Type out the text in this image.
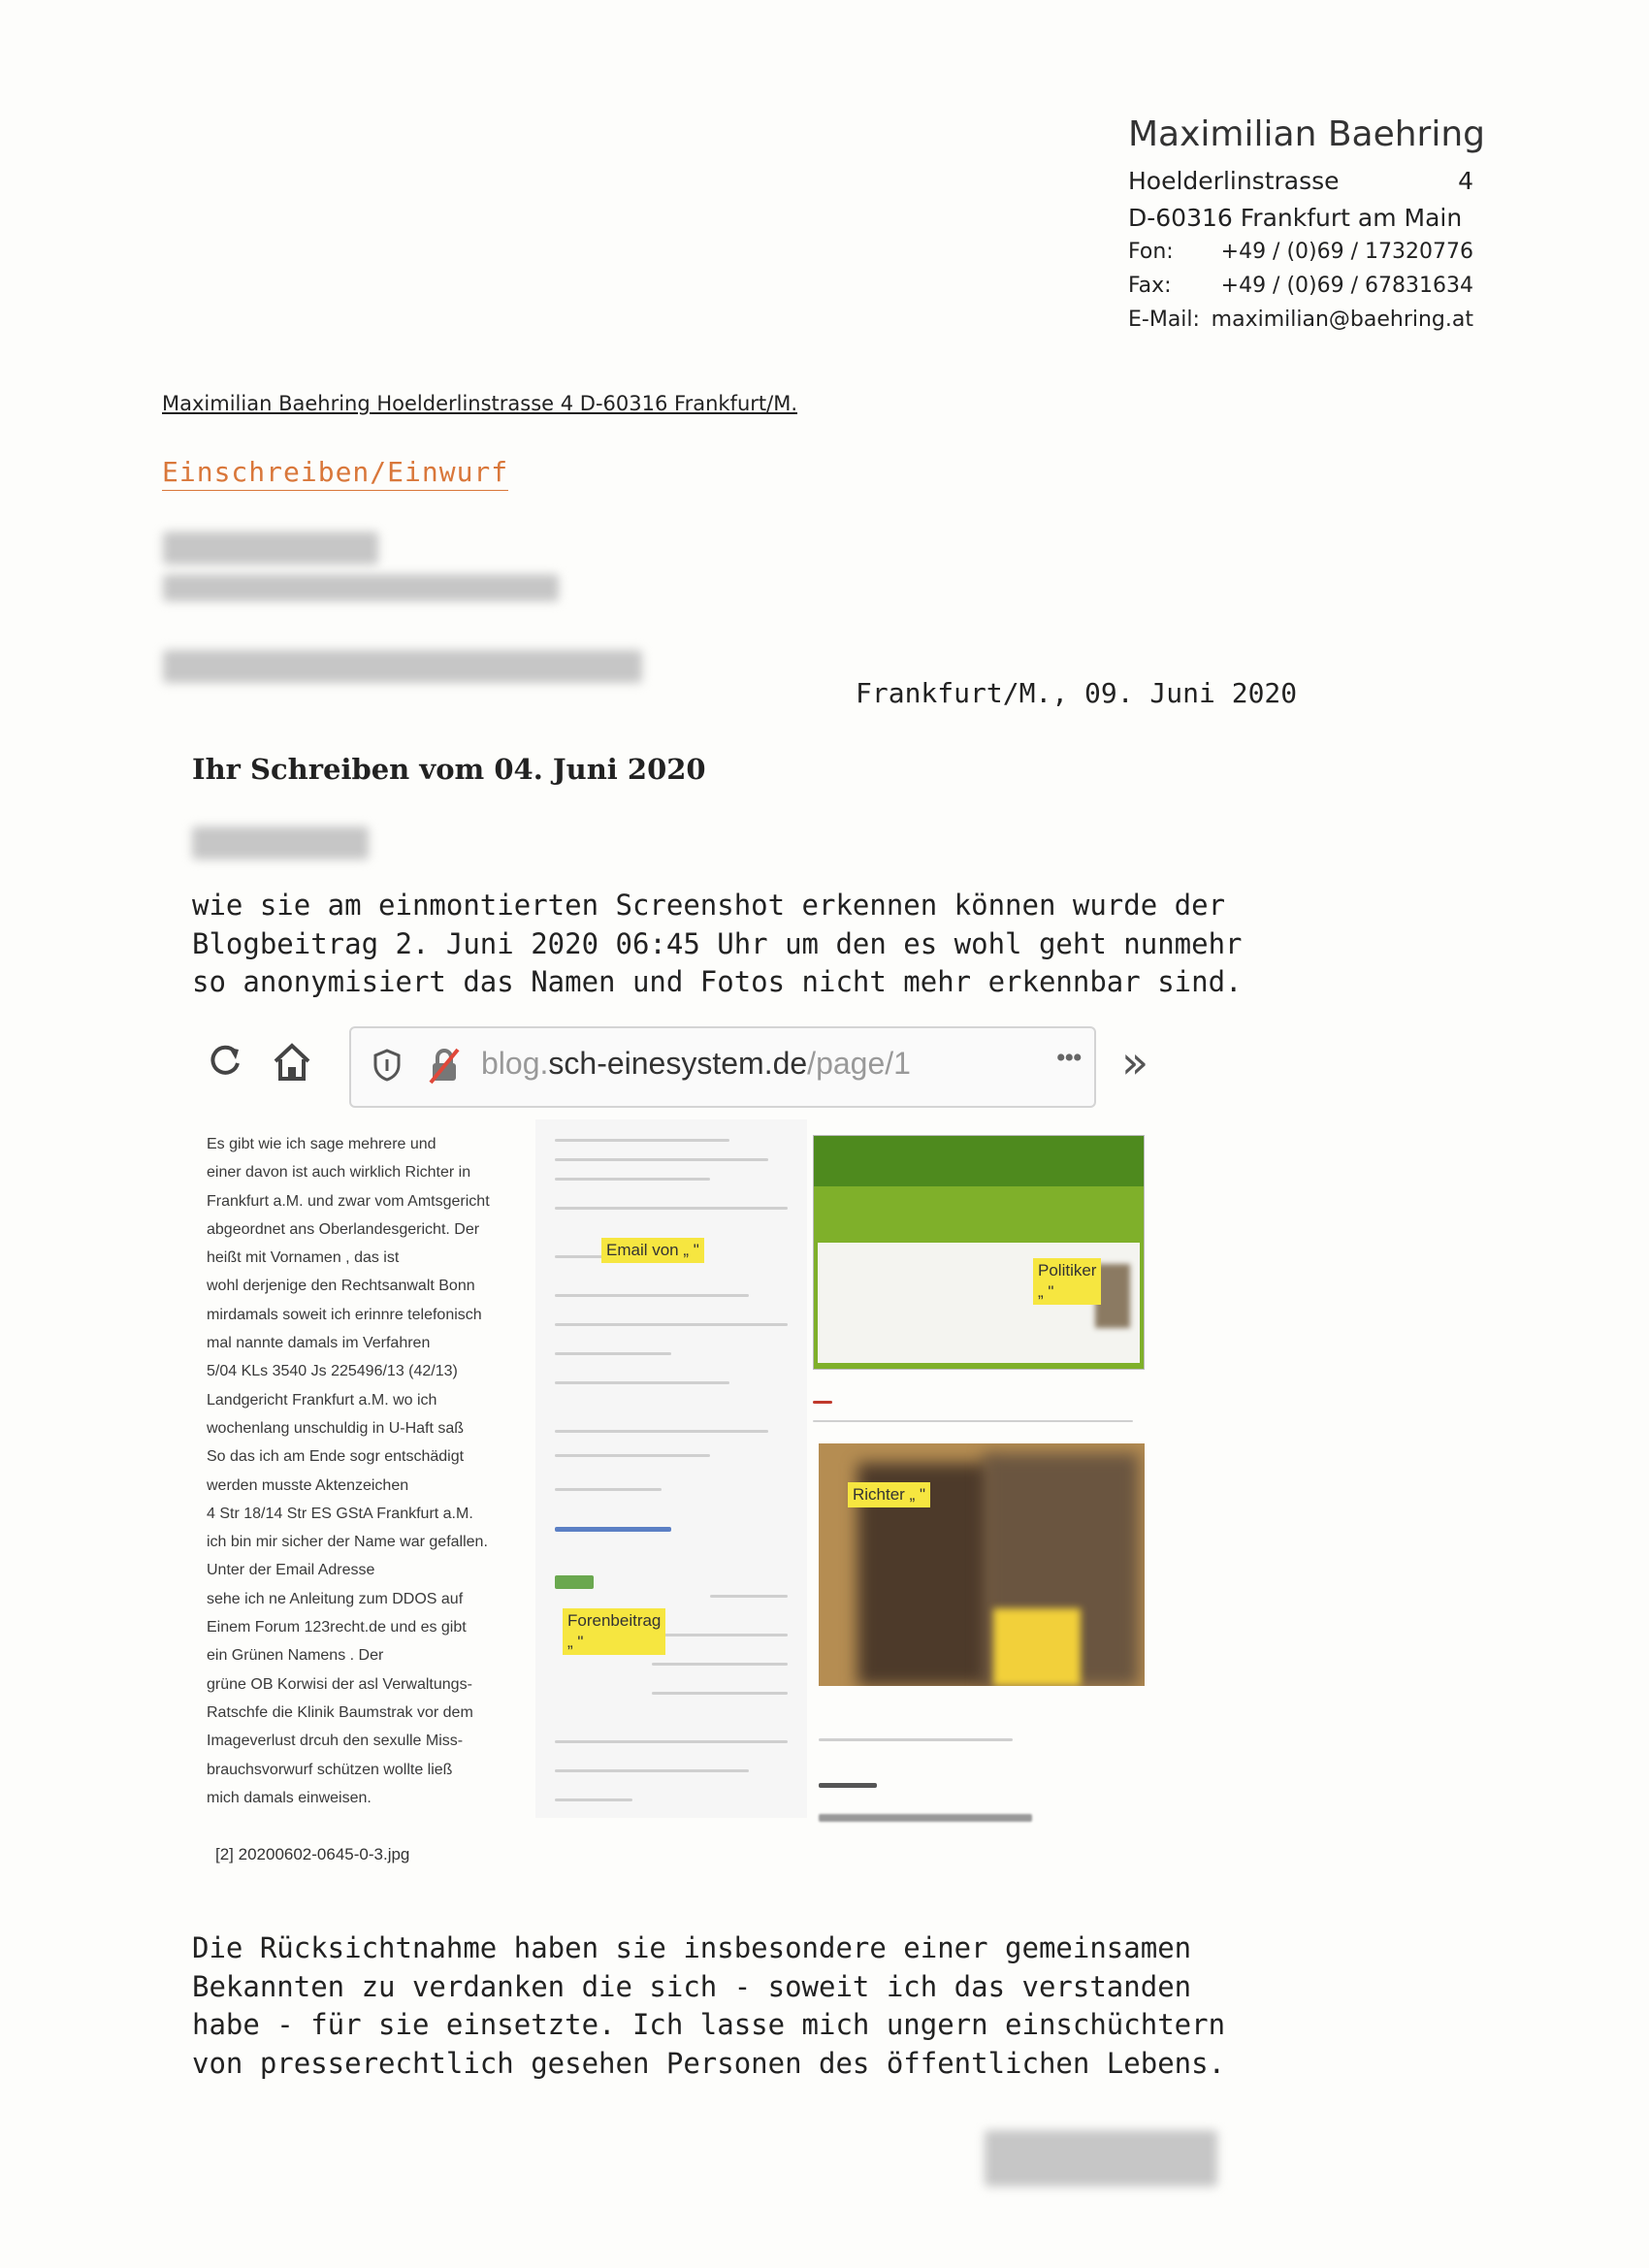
Maximilian Baehring
Hoelderlinstrasse	4
D-60316 Frankfurt am Main
Fon:	+49 / (0)69 / 17320776
Fax:	+49 / (0)69 / 67831634
E-Mail: maximilian@baehring.at
Maximilian Baehring Hoelderlinstrasse 4 D-60316 Frankfurt/M.
Einschreiben/Einwurf
Frankfurt/M., 09. Juni 2020
Ihr Schreiben vom 04. Juni 2020

wie sie am einmontierten Screenshot erkennen können wurde der
Blogbeitrag 2. Juni 2020 06:45 Uhr um den es wohl geht nunmehr
so anonymisiert das Namen und Fotos nicht mehr erkennbar sind.

blog.sch-einesystem.de/page/1	••• »

Es gibt wie ich sage mehrere und
einer davon ist auch wirklich Richter in
Frankfurt a.M. und zwar vom Amtsgericht
abgeordnet ans Oberlandesgericht. Der
heißt mit Vornamen , das ist
wohl derjenige den Rechtsanwalt Bonn
mirdamals soweit ich erinnre telefonisch
mal nannte damals im Verfahren
5/04 KLs 3540 Js 225496/13 (42/13)
Landgericht Frankfurt a.M. wo ich
wochenlang unschuldig in U-Haft saß
So das ich am Ende sogr entschädigt
werden musste Aktenzeichen
4 Str 18/14 Str ES GStA Frankfurt a.M.
ich bin mir sicher der Name war gefallen.
Unter der Email Adresse
sehe ich ne Anleitung zum DDOS auf
Einem Forum 123recht.de und es gibt
ein Grünen Namens . Der
grüne OB Korwisi der asl Verwaltungs-
Ratschfe die Klinik Baumstrak vor dem
Imageverlust drcuh den sexulle Miss-
brauchsvorwurf schützen wollte ließ
mich damals einweisen.

Email von „ "
Forenbeitrag
„ "
Politiker
„ "
Richter „ "
[2] 20200602-0645-0-3.jpg

Die Rücksichtnahme haben sie insbesondere einer gemeinsamen
Bekannten zu verdanken die sich - soweit ich das verstanden
habe - für sie einsetzte. Ich lasse mich ungern einschüchtern
von presserechtlich gesehen Personen des öffentlichen Lebens.
